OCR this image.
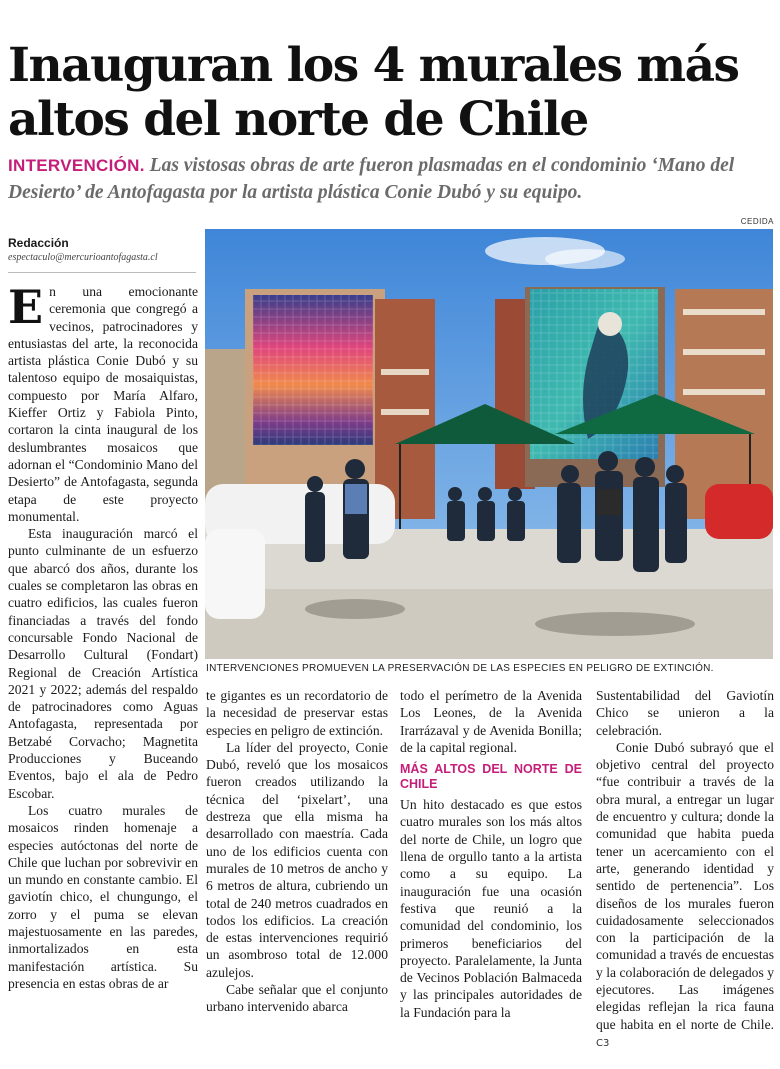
Inauguran los 4 murales más altos del norte de Chile
INTERVENCIÓN. Las vistosas obras de arte fueron plasmadas en el condominio ‘Mano del Desierto’ de Antofagasta por la artista plástica Conie Dubó y su equipo.
CEDIDA
Redacción
espectaculo@mercurioantofagasta.cl
INTERVENCIONES PROMUEVEN LA PRESERVACIÓN DE LAS ESPECIES EN PELIGRO DE EXTINCIÓN.

En una emocionante ceremonia que congregó a vecinos, patrocinadores y entusiastas del arte, la reconocida artista plástica Conie Dubó y su talentoso equipo de mosaiquistas, compuesto por María Alfaro, Kieffer Ortiz y Fabiola Pinto, cortaron la cinta inaugural de los deslumbrantes mosaicos que adornan el “Condominio Mano del Desierto” de Antofagasta, segunda etapa de este proyecto monumental.

Esta inauguración marcó el punto culminante de un esfuerzo que abarcó dos años, durante los cuales se completaron las obras en cuatro edificios, las cuales fueron financiadas a través del fondo concursable Fondo Nacional de Desarrollo Cultural (Fondart) Regional de Creación Artística 2021 y 2022; además del respaldo de patrocinadores como Aguas Antofagasta, representada por Betzabé Corvacho; Magnetita Producciones y Buceando Eventos, bajo el ala de Pedro Escobar.

Los cuatro murales de mosaicos rinden homenaje a especies autóctonas del norte de Chile que luchan por sobrevivir en un mundo en constante cambio. El gaviotín chico, el chungungo, el zorro y el puma se elevan majestuosamente en las paredes, inmortalizados en esta manifestación artística. Su presencia en estas obras de ar

te gigantes es un recordatorio de la necesidad de preservar estas especies en peligro de extinción.

La líder del proyecto, Conie Dubó, reveló que los mosaicos fueron creados utilizando la técnica del ‘pixelart’, una destreza que ella misma ha desarrollado con maestría. Cada uno de los edificios cuenta con murales de 10 metros de ancho y 6 metros de altura, cubriendo un total de 240 metros cuadrados en todos los edificios. La creación de estas intervenciones requirió un asombroso total de 12.000 azulejos.

Cabe señalar que el conjunto urbano intervenido abarca

todo el perímetro de la Avenida Los Leones, de la Avenida Irarrázaval y de Avenida Bonilla; de la capital regional.

MÁS ALTOS DEL NORTE DE CHILE

Un hito destacado es que estos cuatro murales son los más altos del norte de Chile, un logro que llena de orgullo tanto a la artista como a su equipo. La inauguración fue una ocasión festiva que reunió a la comunidad del condominio, los primeros beneficiarios del proyecto. Paralelamente, la Junta de Vecinos Población Balmaceda y las principales autoridades de la Fundación para la

Sustentabilidad del Gaviotín Chico se unieron a la celebración.

Conie Dubó subrayó que el objetivo central del proyecto “fue contribuir a través de la obra mural, a entregar un lugar de encuentro y cultura; donde la comunidad que habita pueda tener un acercamiento con el arte, generando identidad y sentido de pertenencia”. Los diseños de los murales fueron cuidadosamente seleccionados con la participación de la comunidad a través de encuestas y la colaboración de delegados y ejecutores. Las imágenes elegidas reflejan la rica fauna que habita en el norte de Chile. C3
